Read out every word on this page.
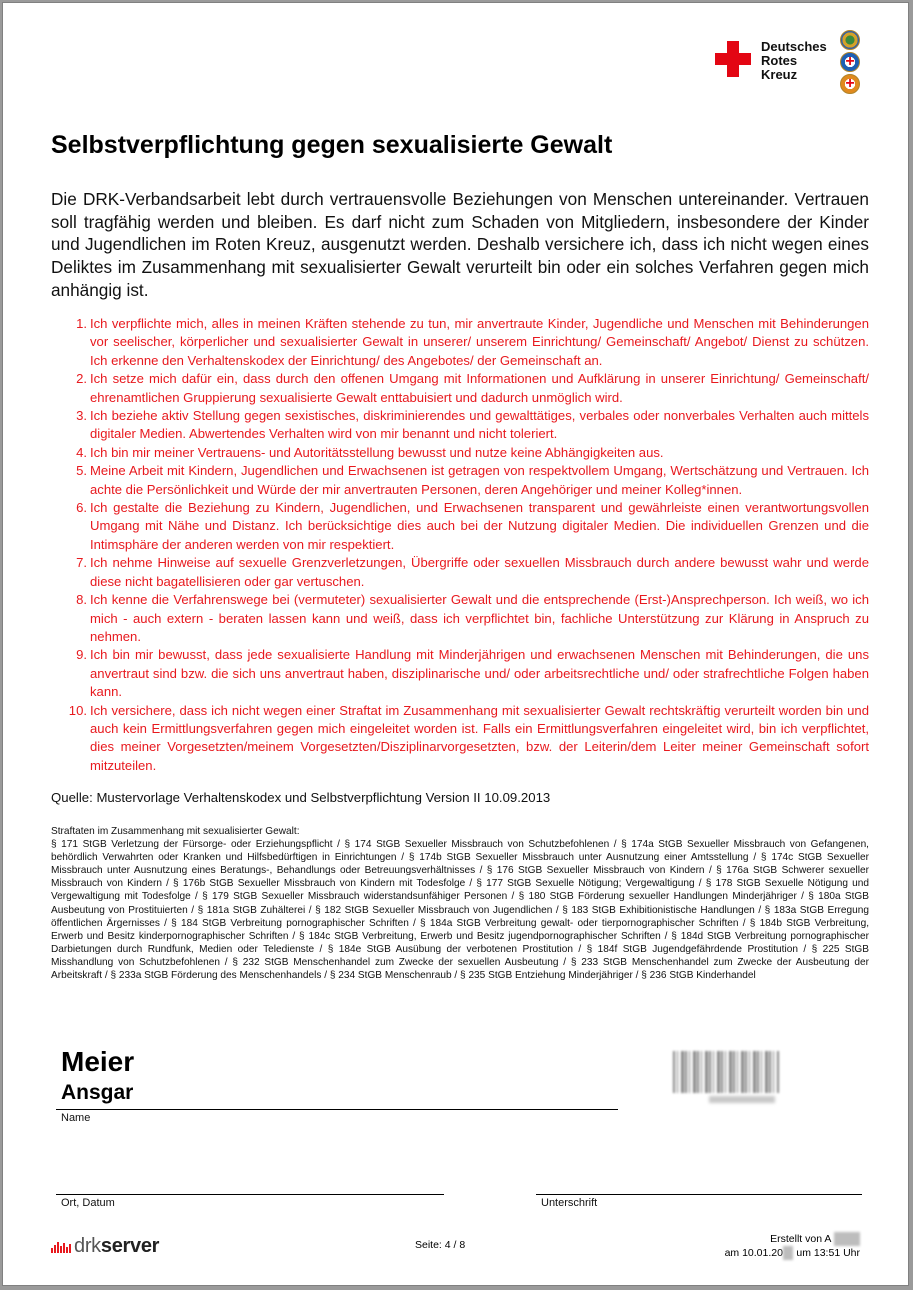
Deutsches
Rotes
Kreuz
+
+
Selbstverpflichtung gegen sexualisierte Gewalt

Die DRK-Verbandsarbeit lebt durch vertrauensvolle Beziehungen von Menschen untereinander. Vertrauen soll tragfähig werden und bleiben. Es darf nicht zum Schaden von Mitgliedern, insbesondere der Kinder und Jugendlichen im Roten Kreuz, ausgenutzt werden. Deshalb versichere ich, dass ich nicht wegen eines Deliktes im Zusammenhang mit sexualisierter Gewalt verurteilt bin oder ein solches Verfahren gegen mich anhängig ist.

1. Ich verpflichte mich, alles in meinen Kräften stehende zu tun, mir anvertraute Kinder, Jugendliche und Menschen mit Behinderungen vor seelischer, körperlicher und sexualisierter Gewalt in unserer/ unserem Einrichtung/ Gemeinschaft/ Angebot/ Dienst zu schützen. Ich erkenne den Verhaltenskodex der Einrichtung/ des Angebotes/ der Gemeinschaft an.
2. Ich setze mich dafür ein, dass durch den offenen Umgang mit Informationen und Aufklärung in unserer Einrichtung/ Gemeinschaft/ ehrenamtlichen Gruppierung sexualisierte Gewalt enttabuisiert und dadurch unmöglich wird.
3. Ich beziehe aktiv Stellung gegen sexistisches, diskriminierendes und gewalttätiges, verbales oder nonverbales Verhalten auch mittels digitaler Medien. Abwertendes Verhalten wird von mir benannt und nicht toleriert.
4. Ich bin mir meiner Vertrauens- und Autoritätsstellung bewusst und nutze keine Abhängigkeiten aus.
5. Meine Arbeit mit Kindern, Jugendlichen und Erwachsenen ist getragen von respektvollem Umgang, Wertschätzung und Vertrauen. Ich achte die Persönlichkeit und Würde der mir anvertrauten Personen, deren Angehöriger und meiner Kolleg*innen.
6. Ich gestalte die Beziehung zu Kindern, Jugendlichen, und Erwachsenen transparent und gewährleiste einen verantwortungsvollen Umgang mit Nähe und Distanz. Ich berücksichtige dies auch bei der Nutzung digitaler Medien. Die individuellen Grenzen und die Intimsphäre der anderen werden von mir respektiert.
7. Ich nehme Hinweise auf sexuelle Grenzverletzungen, Übergriffe oder sexuellen Missbrauch durch andere bewusst wahr und werde diese nicht bagatellisieren oder gar vertuschen.
8. Ich kenne die Verfahrenswege bei (vermuteter) sexualisierter Gewalt und die entsprechende (Erst-)Ansprechperson. Ich weiß, wo ich mich - auch extern - beraten lassen kann und weiß, dass ich verpflichtet bin, fachliche Unterstützung zur Klärung in Anspruch zu nehmen.
9. Ich bin mir bewusst, dass jede sexualisierte Handlung mit Minderjährigen und erwachsenen Menschen mit Behinderungen, die uns anvertraut sind bzw. die sich uns anvertraut haben, disziplinarische und/ oder arbeitsrechtliche und/ oder strafrechtliche Folgen haben kann.
10. Ich versichere, dass ich nicht wegen einer Straftat im Zusammenhang mit sexualisierter Gewalt rechtskräftig verurteilt worden bin und auch kein Ermittlungsverfahren gegen mich eingeleitet worden ist. Falls ein Ermittlungsverfahren eingeleitet wird, bin ich verpflichtet, dies meiner Vorgesetzten/meinem Vorgesetzten/Disziplinarvorgesetzten, bzw. der Leiterin/dem Leiter meiner Gemeinschaft sofort mitzuteilen.

Quelle: Mustervorlage Verhaltenskodex und Selbstverpflichtung Version II 10.09.2013

Straftaten im Zusammenhang mit sexualisierter Gewalt:
§ 171 StGB Verletzung der Fürsorge- oder Erziehungspflicht / § 174 StGB Sexueller Missbrauch von Schutzbefohlenen / § 174a StGB Sexueller Missbrauch von Gefangenen, behördlich Verwahrten oder Kranken und Hilfsbedürftigen in Einrichtungen / § 174b StGB Sexueller Missbrauch unter Ausnutzung einer Amtsstellung / § 174c StGB Sexueller Missbrauch unter Ausnutzung eines Beratungs-, Behandlungs oder Betreuungsverhältnisses / § 176 StGB Sexueller Missbrauch von Kindern / § 176a StGB Schwerer sexueller Missbrauch von Kindern / § 176b StGB Sexueller Missbrauch von Kindern mit Todesfolge / § 177 StGB Sexuelle Nötigung; Vergewaltigung / § 178 StGB Sexuelle Nötigung und Vergewaltigung mit Todesfolge / § 179 StGB Sexueller Missbrauch widerstandsunfähiger Personen / § 180 StGB Förderung sexueller Handlungen Minderjähriger / § 180a StGB Ausbeutung von Prostituierten / § 181a StGB Zuhälterei / § 182 StGB Sexueller Missbrauch von Jugendlichen / § 183 StGB Exhibitionistische Handlungen / § 183a StGB Erregung öffentlichen Ärgernisses / § 184 StGB Verbreitung pornographischer Schriften / § 184a StGB Verbreitung gewalt- oder tierpornographischer Schriften / § 184b StGB Verbreitung, Erwerb und Besitz kinderpornographischer Schriften / § 184c StGB Verbreitung, Erwerb und Besitz jugendpornographischer Schriften / § 184d StGB Verbreitung pornographischer Darbietungen durch Rundfunk, Medien oder Teledienste / § 184e StGB Ausübung der verbotenen Prostitution / § 184f StGB Jugendgefährdende Prostitution / § 225 StGB Misshandlung von Schutzbefohlenen / § 232 StGB Menschenhandel zum Zwecke der sexuellen Ausbeutung / § 233 StGB Menschenhandel zum Zwecke der Ausbeutung der Arbeitskraft / § 233a StGB Förderung des Menschenhandels / § 234 StGB Menschenraub / § 235 StGB Entziehung Minderjähriger / § 236 StGB Kinderhandel

Meier
Ansgar
Name
Ort, Datum	Unterschrift
drkserver	Seite: 4 / 8	Erstellt von A
am 10.01.20 um 13:51 Uhr
